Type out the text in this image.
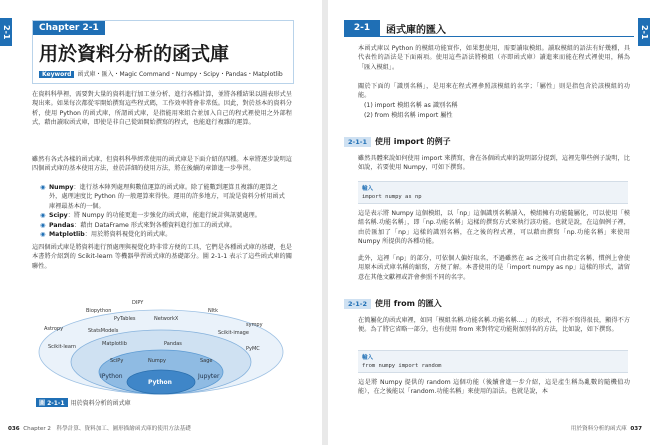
2-1	2-1
Chapter 2-1
用於資料分析的函式庫
Keyword 函式庫・匯入・Magic Command・Numpy・Scipy・Pandas・Matplotlib

在資料科學裡，需要對大量的資料進行加工並分析、進行各種計算，並將各種結果以圖表形式呈現出來。如果每次都從零開始撰寫這些程式碼，工作效率將會非常低。因此，對於基本的資料分析，使用 Python 的函式庫，所謂函式庫，是指能用來組合並加入自己的程式裡使用之外部程式，藉由讀取函式庫，即使是非自己從頭開始撰寫的程式，也能進行複雜的運算。

雖然有各式各樣的函式庫，但資料科學經常使用的函式庫是下面介紹的四種。本章將逐步說明這四個函式庫的基本使用方法，並於詳細的使用方法，將在後續的章節進一步學習。

◉ Numpy：進行基本陣列處理與數值運算的函式庫。除了能數到運算且複雜的運算之外，處理速度比 Python 的一般運算來得快。運用的許多地方，可說是資料分析用函式庫裡最基本的一個。
◉ Scipy：將 Numpy 的功能更進一步強化的函式庫，能進行統計與訊號處理。
◉ Pandas：藉由 DataFrame 形式來對各種資料進行加工的函式庫。
◉ Matplotlib：用於將資料視覺化的函式庫。

這四個函式庫是將資料進行預處理與視覺化時非常方便的工具，它們是各種函式庫的基礎，也是本書將介紹到的 Scikit-learn 等機器學習函式庫的基礎部分。圖 2-1-1 表示了這些函式庫的關聯性。

DIPY
Biopython	Nltk
PyTables	NetworkX
sympy
Astropy	StatsModels	Scikit-image
Scikit-learn	Matplotlib	Pandas
PyMC
SciPy	Numpy	Sage
IPython
Python
Jupyter
圖 2-1-1 用於資料分析的函式庫
036 Chapter 2　科學計算、資料加工、圖形描繪函式庫的使用方法基礎
2-1	函式庫的匯入

本函式庫以 Python 的模組功能實作，如果想使用，需要讀取模組。讀取模組的語法有好幾種，具代表性的語法是下面兩項。使用這些語法將模組（亦即函式庫）讀進來而能在程式裡使用，稱為「匯入模組」。

關於下面的「識別名稱」，是用來在程式裡參照該模組的名字；「屬性」則是指包含於該模組的功能。

(1) import 模組名稱 as 識別名稱

(2) from 模組名稱 import 屬性

2-1-1 使用 import 的例子

雖然具體來說如何使用 import 來撰寫，會在各個函式庫的說明部分提到，這裡先舉些例子說明，比如說，若要使用 Numpy，可如下撰寫。

輸入
import numpy as np

這是表示將 Numpy 這個模組，以「np」這個識別名稱讀入，模組擁有功能隨屬化，可以使用「模組名稱.功能名稱」，即「np.功能名稱」這樣的撰寫方式來執行該功能。也就是說，在這個例子裡，由於匯加了「np」這樣的識別名稱，在之後的程式裡，可以藉由撰寫「np.功能名稱」來使用 Numpy 所提供的各種功能。

此外，這裡「np」的部分，可依個人偏好取名，不過雖然在 as 之後可自由指定名稱，慣例上會使用原本函式庫名稱的縮寫，方便了解。本書使用的是「import numpy as np」這樣的形式，請留意在其他文獻裡或許會參照不同的名字。

2-1-2 使用 from 的匯入

在簡屬化的函式庫裡，如同「模組名稱.功能名稱.功能名稱....」的形式，不得不寫得很長，顯得不方便。為了將它省略一部分，也有使用 from 來對特定功能附加別名的方法，比如說，如下撰寫。

輸入
from numpy import random

這是將 Numpy 提供的 random 這個功能（後續會進一步介紹，這是產生稱為亂數的隨機值功能），在之後能以「random.功能名稱」來使用的語法。也就是說，本

用於資料分析的函式庫 037
